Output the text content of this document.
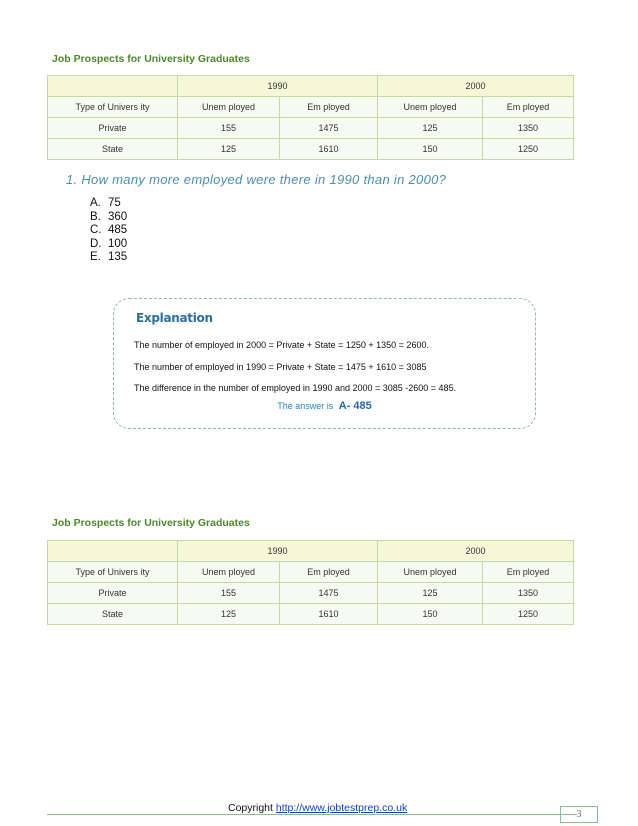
Job Prospects for University Graduates
	1990		2000	
Type of Univers ity	Unem ployed	Em ployed	Unem ployed	Em ployed
Private	155	1475	125	1350
State	125	1610	150	1250
1. How many more employed were there in 1990 than in 2000?
A. 75
B. 360
C. 485
D. 100
E. 135
Explanation
The number of employed in 2000 = Private + State = 1250 + 1350 = 2600.
The number of employed in 1990 = Private + State = 1475 + 1610 = 3085
The difference in the number of employed in 1990 and 2000 = 3085 -2600 = 485.
The answer is A- 485
Job Prospects for University Graduates
	1990		2000	
Type of Univers ity	Unem ployed	Em ployed	Unem ployed	Em ployed
Private	155	1475	125	1350
State	125	1610	150	1250
Copyright http://www.jobtestprep.co.uk
3
